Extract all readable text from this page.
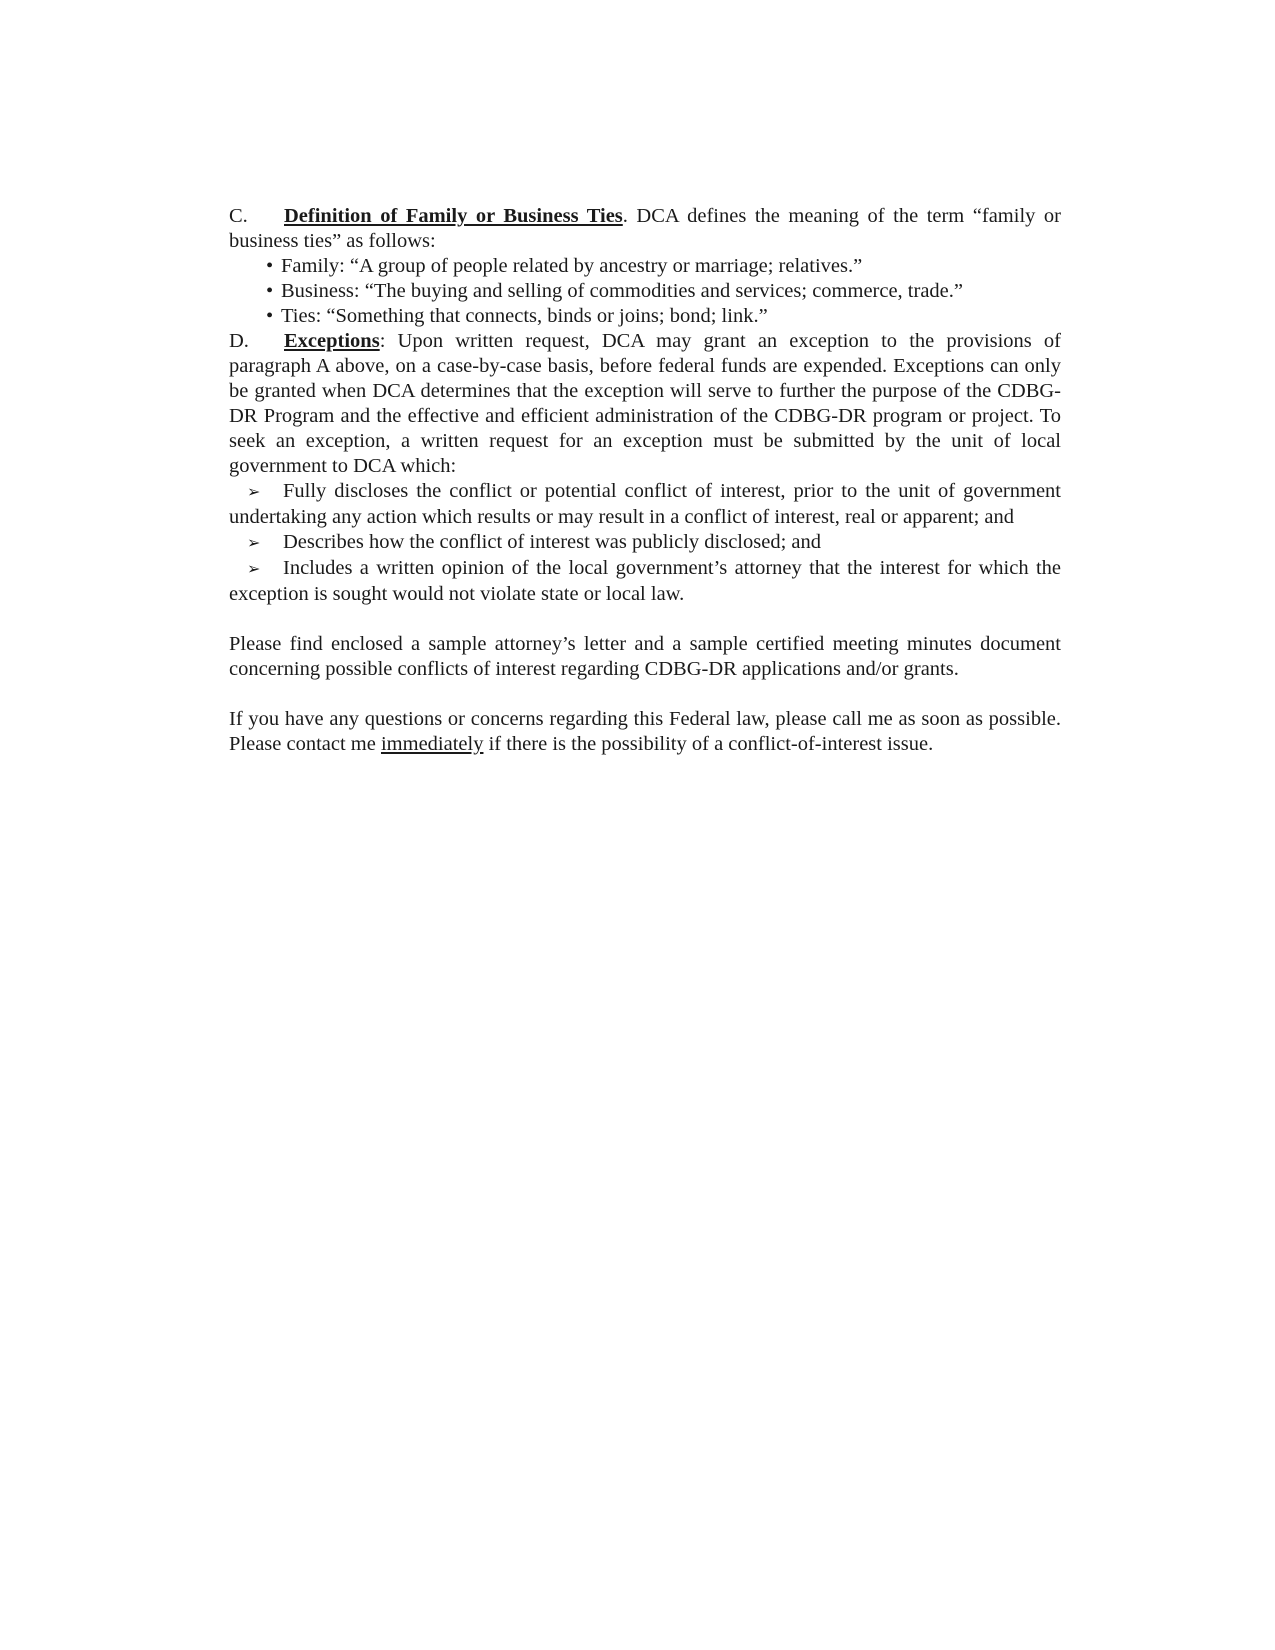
C. Definition of Family or Business Ties. DCA defines the meaning of the term “family or business ties” as follows:

• Family: “A group of people related by ancestry or marriage; relatives.”
• Business: “The buying and selling of commodities and services; commerce, trade.”
• Ties: “Something that connects, binds or joins; bond; link.”

D. Exceptions: Upon written request, DCA may grant an exception to the provisions of paragraph A above, on a case-by-case basis, before federal funds are expended. Exceptions can only be granted when DCA determines that the exception will serve to further the purpose of the CDBG-DR Program and the effective and efficient administration of the CDBG-DR program or project. To seek an exception, a written request for an exception must be submitted by the unit of local government to DCA which:

➢ Fully discloses the conflict or potential conflict of interest, prior to the unit of government undertaking any action which results or may result in a conflict of interest, real or apparent; and

➢ Describes how the conflict of interest was publicly disclosed; and

➢ Includes a written opinion of the local government’s attorney that the interest for which the exception is sought would not violate state or local law.

Please find enclosed a sample attorney’s letter and a sample certified meeting minutes document concerning possible conflicts of interest regarding CDBG-DR applications and/or grants.

If you have any questions or concerns regarding this Federal law, please call me as soon as possible. Please contact me immediately if there is the possibility of a conflict-of-interest issue.
